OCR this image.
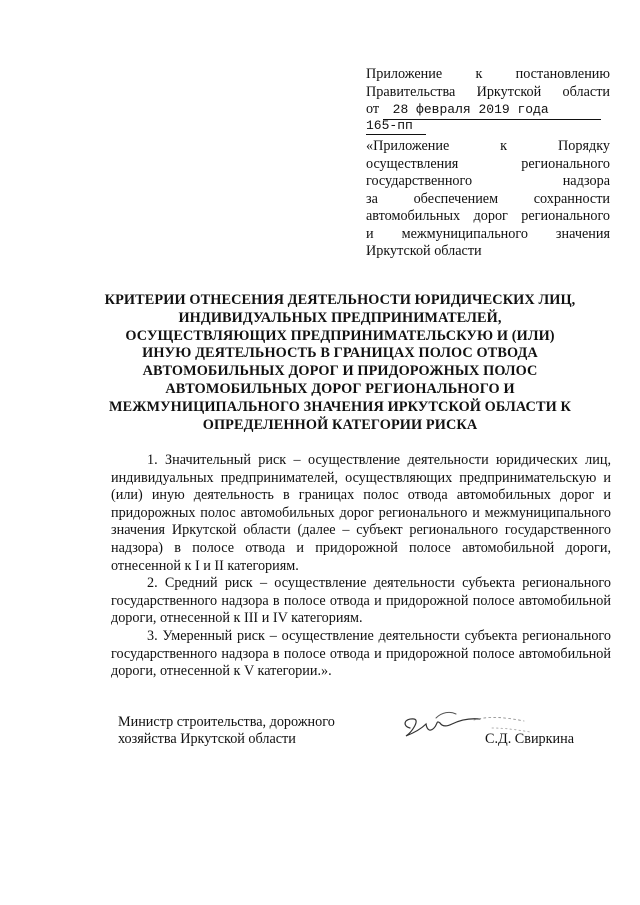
Приложение к постановлению
Правительства Иркутской области
от 28 февраля 2019 года
165-пп
«Приложение к Порядку
осуществления регионального
государственного надзора
за обеспечением сохранности
автомобильных дорог регионального
и межмуниципального значения
Иркутской области
КРИТЕРИИ ОТНЕСЕНИЯ ДЕЯТЕЛЬНОСТИ ЮРИДИЧЕСКИХ ЛИЦ, ИНДИВИДУАЛЬНЫХ ПРЕДПРИНИМАТЕЛЕЙ, ОСУЩЕСТВЛЯЮЩИХ ПРЕДПРИНИМАТЕЛЬСКУЮ И (ИЛИ) ИНУЮ ДЕЯТЕЛЬНОСТЬ В ГРАНИЦАХ ПОЛОС ОТВОДА АВТОМОБИЛЬНЫХ ДОРОГ И ПРИДОРОЖНЫХ ПОЛОС АВТОМОБИЛЬНЫХ ДОРОГ РЕГИОНАЛЬНОГО И МЕЖМУНИЦИПАЛЬНОГО ЗНАЧЕНИЯ ИРКУТСКОЙ ОБЛАСТИ К ОПРЕДЕЛЕННОЙ КАТЕГОРИИ РИСКА

1. Значительный риск – осуществление деятельности юридических лиц, индивидуальных предпринимателей, осуществляющих предпринимательскую и (или) иную деятельность в границах полос отвода автомобильных дорог и придорожных полос автомобильных дорог регионального и межмуниципального значения Иркутской области (далее – субъект регионального государственного надзора) в полосе отвода и придорожной полосе автомобильной дороги, отнесенной к I и II категориям.

2. Средний риск – осуществление деятельности субъекта регионального государственного надзора в полосе отвода и придорожной полосе автомобильной дороги, отнесенной к III и IV категориям.

3. Умеренный риск – осуществление деятельности субъекта регионального государственного надзора в полосе отвода и придорожной полосе автомобильной дороги, отнесенной к V категории.».

Министр строительства, дорожного
хозяйства Иркутской области	С.Д. Свиркина
